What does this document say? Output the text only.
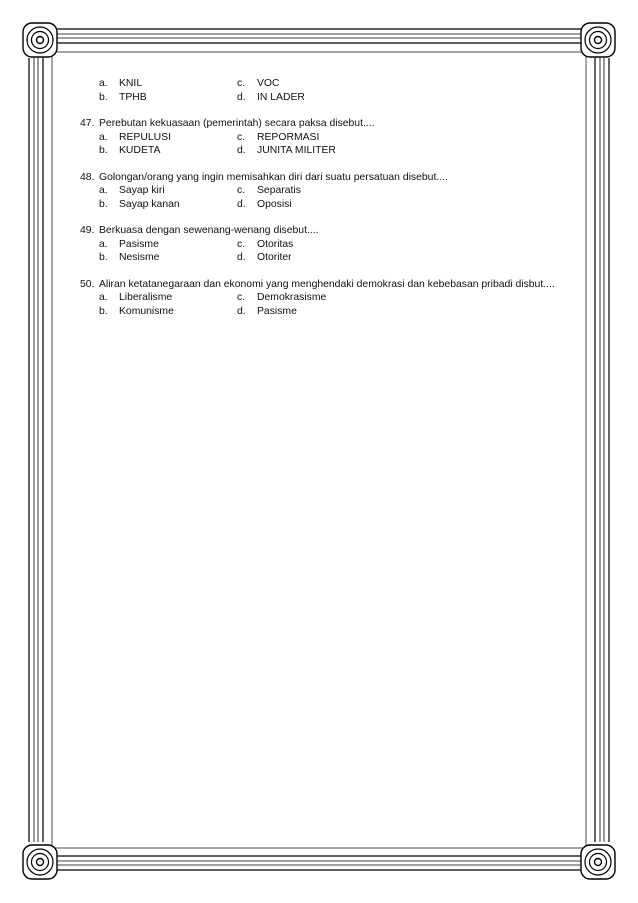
a.	KNIL	c.	VOC
b.	TPHB	d.	IN LADER
47. Perebutan kekuasaan (pemerintah) secara paksa disebut....
a.	REPULUSI	c.	REPORMASI
b.	KUDETA	d.	JUNITA MILITER
48. Golongan/orang yang ingin memisahkan diri dari suatu persatuan disebut....
a.	Sayap kiri	c.	Separatis
b.	Sayap kanan	d.	Oposisi
49. Berkuasa dengan sewenang-wenang disebut....
a.	Pasisme	c.	Otoritas
b.	Nesisme	d.	Otoriter
50. Aliran ketatanegaraan dan ekonomi yang menghendaki demokrasi dan kebebasan pribadi disbut....
a.	Liberalisme	c.	Demokrasisme
b.	Komunisme	d.	Pasisme
